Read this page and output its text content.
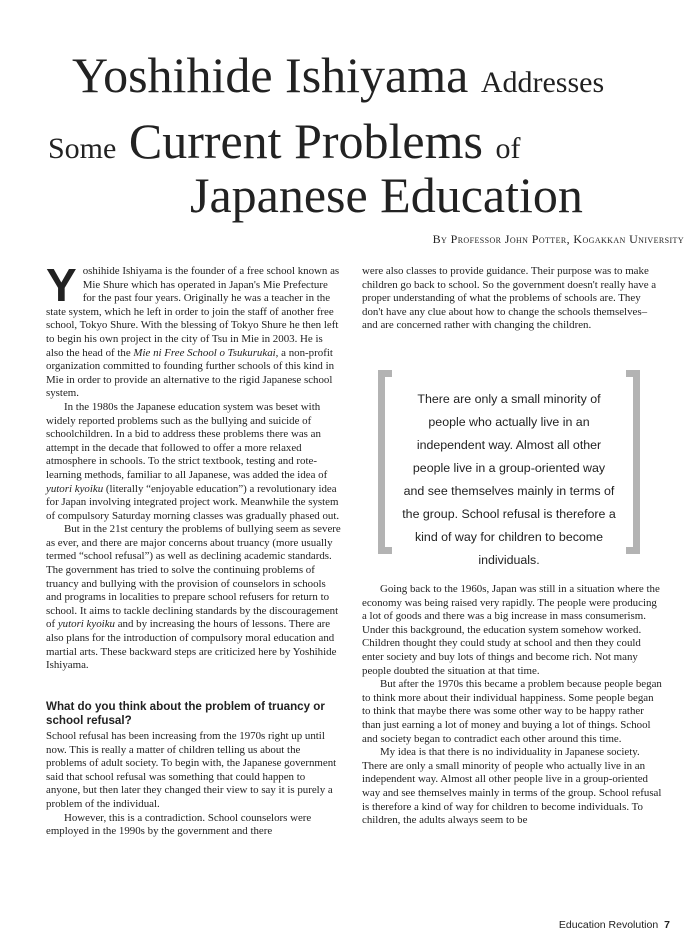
Yoshihide Ishiyama Addresses
Some Current Problems of
Japanese Education
By Professor John Potter, Kogakkan University

Yoshihide Ishiyama is the founder of a free school known as Mie Shure which has operated in Japan's Mie Prefecture for the past four years. Originally he was a teacher in the state system, which he left in order to join the staff of another free school, Tokyo Shure. With the blessing of Tokyo Shure he then left to begin his own project in the city of Tsu in Mie in 2003. He is also the head of the Mie ni Free School o Tsukurukai, a non-profit organization committed to founding further schools of this kind in Mie in order to provide an alternative to the rigid Japanese school system.

In the 1980s the Japanese education system was beset with widely reported problems such as the bullying and suicide of schoolchildren. In a bid to address these problems there was an attempt in the decade that followed to offer a more relaxed atmosphere in schools. To the strict textbook, testing and rote-learning methods, familiar to all Japanese, was added the idea of yutori kyoiku (literally “enjoyable education”) a revolutionary idea for Japan involving integrated project work. Meanwhile the system of compulsory Saturday morning classes was gradually phased out.

But in the 21st century the problems of bullying seem as severe as ever, and there are major concerns about truancy (more usually termed “school refusal”) as well as declining academic standards. The government has tried to solve the continuing problems of truancy and bullying with the provision of counselors in schools and programs in localities to prepare school refusers for return to school. It aims to tackle declining standards by the discouragement of yutori kyoiku and by increasing the hours of lessons. There are also plans for the introduction of compulsory moral education and martial arts. These backward steps are criticized here by Yoshihide Ishiyama.

What do you think about the problem of truancy or school refusal?

School refusal has been increasing from the 1970s right up until now. This is really a matter of children telling us about the problems of adult society. To begin with, the Japanese government said that school refusal was something that could happen to anyone, but then later they changed their view to say it is purely a problem of the individual.

However, this is a contradiction. School counselors were employed in the 1990s by the government and there

were also classes to provide guidance. Their purpose was to make children go back to school. So the government doesn't really have a proper understanding of what the problems of schools are. They don't have any clue about how to change the schools themselves–and are concerned rather with changing the children.

There are only a small minority of people who actually live in an independent way. Almost all other people live in a group-oriented way and see themselves mainly in terms of the group. School refusal is therefore a kind of way for children to become individuals.

Going back to the 1960s, Japan was still in a situation where the economy was being raised very rapidly. The people were producing a lot of goods and there was a big increase in mass consumerism. Under this background, the education system somehow worked. Children thought they could study at school and then they could enter society and buy lots of things and become rich. Not many people doubted the situation at that time.

But after the 1970s this became a problem because people began to think more about their individual happiness. Some people began to think that maybe there was some other way to be happy rather than just earning a lot of money and buying a lot of things. School and society began to contradict each other around this time.

My idea is that there is no individuality in Japanese society. There are only a small minority of people who actually live in an independent way. Almost all other people live in a group-oriented way and see themselves mainly in terms of the group. School refusal is therefore a kind of way for children to become individuals. To children, the adults always seem to be

Education Revolution 7
